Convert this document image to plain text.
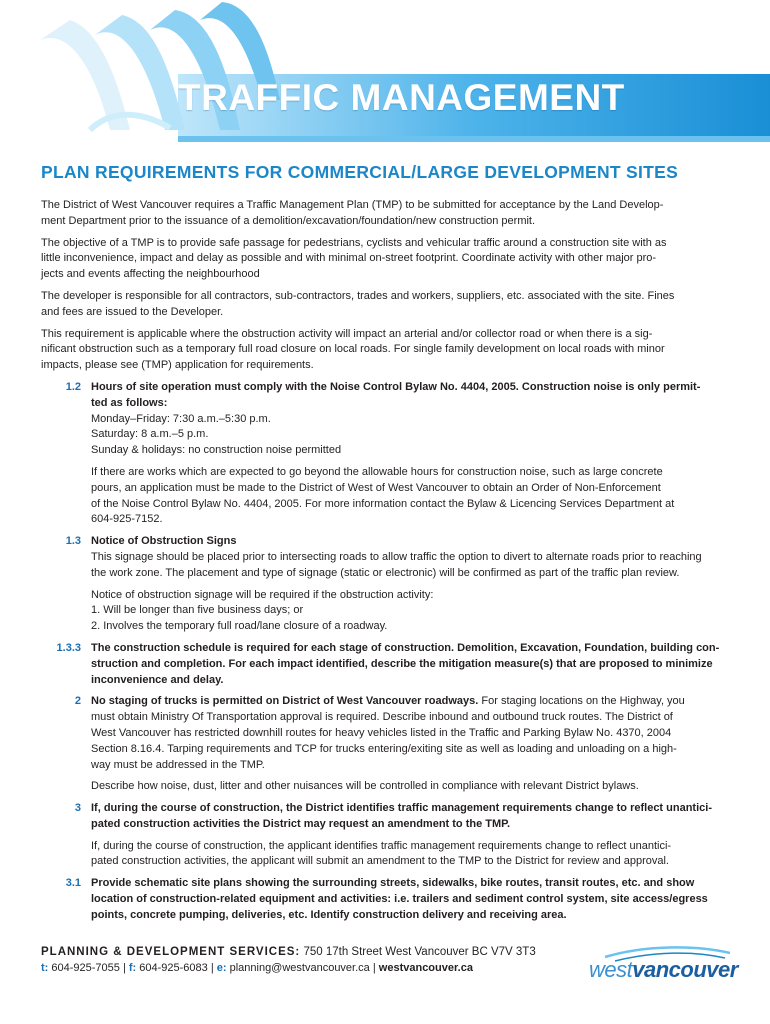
TRAFFIC MANAGEMENT
PLAN REQUIREMENTS FOR COMMERCIAL/LARGE DEVELOPMENT SITES

The District of West Vancouver requires a Traffic Management Plan (TMP) to be submitted for acceptance by the Land Develop-
ment Department prior to the issuance of a demolition/excavation/foundation/new construction permit.

The objective of a TMP is to provide safe passage for pedestrians, cyclists and vehicular traffic around a construction site with as
little inconvenience, impact and delay as possible and with minimal on-street footprint. Coordinate activity with other major pro-
jects and events affecting the neighbourhood

The developer is responsible for all contractors, sub-contractors, trades and workers, suppliers, etc. associated with the site. Fines
and fees are issued to the Developer.

This requirement is applicable where the obstruction activity will impact an arterial and/or collector road or when there is a sig-
nificant obstruction such as a temporary full road closure on local roads. For single family development on local roads with minor
impacts, please see (TMP) application for requirements.

1.2 Hours of site operation must comply with the Noise Control Bylaw No. 4404, 2005. Construction noise is only permit-
ted as follows:
Monday–Friday: 7:30 a.m.–5:30 p.m.
Saturday: 8 a.m.–5 p.m.
Sunday & holidays: no construction noise permitted

If there are works which are expected to go beyond the allowable hours for construction noise, such as large concrete
pours, an application must be made to the District of West of West Vancouver to obtain an Order of Non-Enforcement
of the Noise Control Bylaw No. 4404, 2005. For more information contact the Bylaw & Licencing Services Department at
604-925-7152.

1.3 Notice of Obstruction Signs
This signage should be placed prior to intersecting roads to allow traffic the option to divert to alternate roads prior to reaching
the work zone. The placement and type of signage (static or electronic) will be confirmed as part of the traffic plan review.

Notice of obstruction signage will be required if the obstruction activity:
1. Will be longer than five business days; or
2. Involves the temporary full road/lane closure of a roadway.

1.3.3 The construction schedule is required for each stage of construction. Demolition, Excavation, Foundation, building con-
struction and completion. For each impact identified, describe the mitigation measure(s) that are proposed to minimize
inconvenience and delay.

2 No staging of trucks is permitted on District of West Vancouver roadways. For staging locations on the Highway, you
must obtain Ministry Of Transportation approval is required. Describe inbound and outbound truck routes. The District of
West Vancouver has restricted downhill routes for heavy vehicles listed in the Traffic and Parking Bylaw No. 4370, 2004
Section 8.16.4. Tarping requirements and TCP for trucks entering/exiting site as well as loading and unloading on a high-
way must be addressed in the TMP.

Describe how noise, dust, litter and other nuisances will be controlled in compliance with relevant District bylaws.

3 If, during the course of construction, the District identifies traffic management requirements change to reflect unantici-
pated construction activities the District may request an amendment to the TMP.

If, during the course of construction, the applicant identifies traffic management requirements change to reflect unantici-
pated construction activities, the applicant will submit an amendment to the TMP to the District for review and approval.

3.1 Provide schematic site plans showing the surrounding streets, sidewalks, bike routes, transit routes, etc. and show
location of construction-related equipment and activities: i.e. trailers and sediment control system, site access/egress
points, concrete pumping, deliveries, etc. Identify construction delivery and receiving area.

PLANNING & DEVELOPMENT SERVICES: 750 17th Street West Vancouver BC V7V 3T3
t: 604-925-7055 | f: 604-925-6083 | e: planning@westvancouver.ca | westvancouver.ca	westvancouver
